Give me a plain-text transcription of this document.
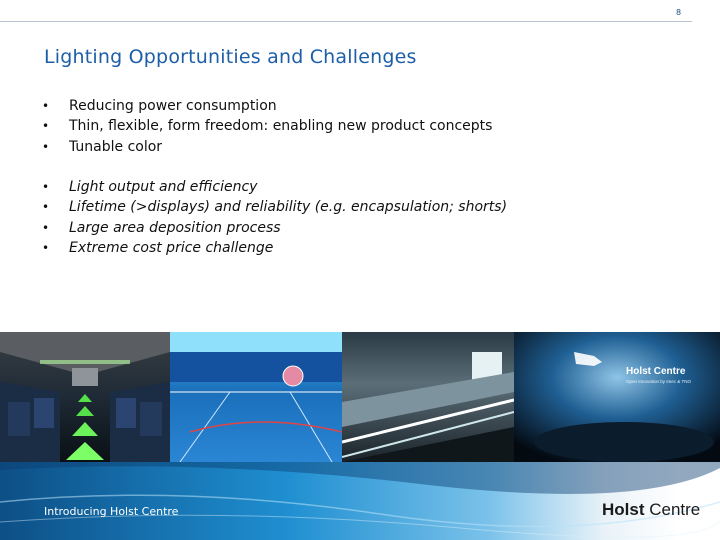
8
Lighting Opportunities and Challenges
• Reducing power consumption
• Thin, flexible, form freedom: enabling new product concepts
• Tunable color
• Light output and efficiency
• Lifetime (>displays) and reliability (e.g. encapsulation; shorts)
• Large area deposition process
• Extreme cost price challenge
Holst Centre
Open Innovation by Imec & TNO
Introducing Holst Centre	Holst Centre
